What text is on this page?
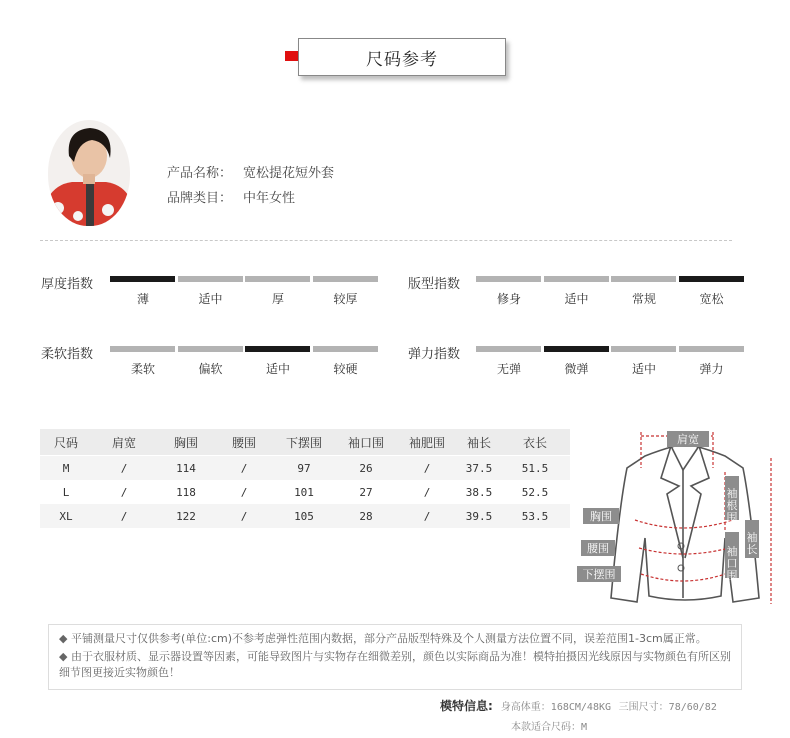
尺码参考
产品名称： 宽松提花短外套
品牌类目： 中年女性
厚度指数
薄	适中	厚	较厚
版型指数
修身	适中	常规	宽松
柔软指数
柔软	偏软	适中	较硬
弹力指数
无弹	微弹	适中	弹力
尺码	肩宽	胸围	腰围	下摆围	袖口围	袖肥围	袖长	衣长
M	/	114	/	97	26	/	37.5	51.5
L	/	118	/	101	27	/	38.5	52.5
XL	/	122	/	105	28	/	39.5	53.5
肩宽
胸围
腰围
下摆围
袖根围
袖长
袖口围

◆ 平铺测量尺寸仅供参考(单位:cm)不参考虑弹性范围内数据，部分产品版型特殊及个人测量方法位置不同，误差范围1-3cm属正常。

◆ 由于衣服材质、显示器设置等因素，可能导致图片与实物存在细微差别，颜色以实际商品为准！模特拍摄因光线原因与实物颜色有所区别细节图更接近实物颜色！

模特信息: 身高体重：168CM/48KG 三围尺寸：78/60/82
本款适合尺码：M
